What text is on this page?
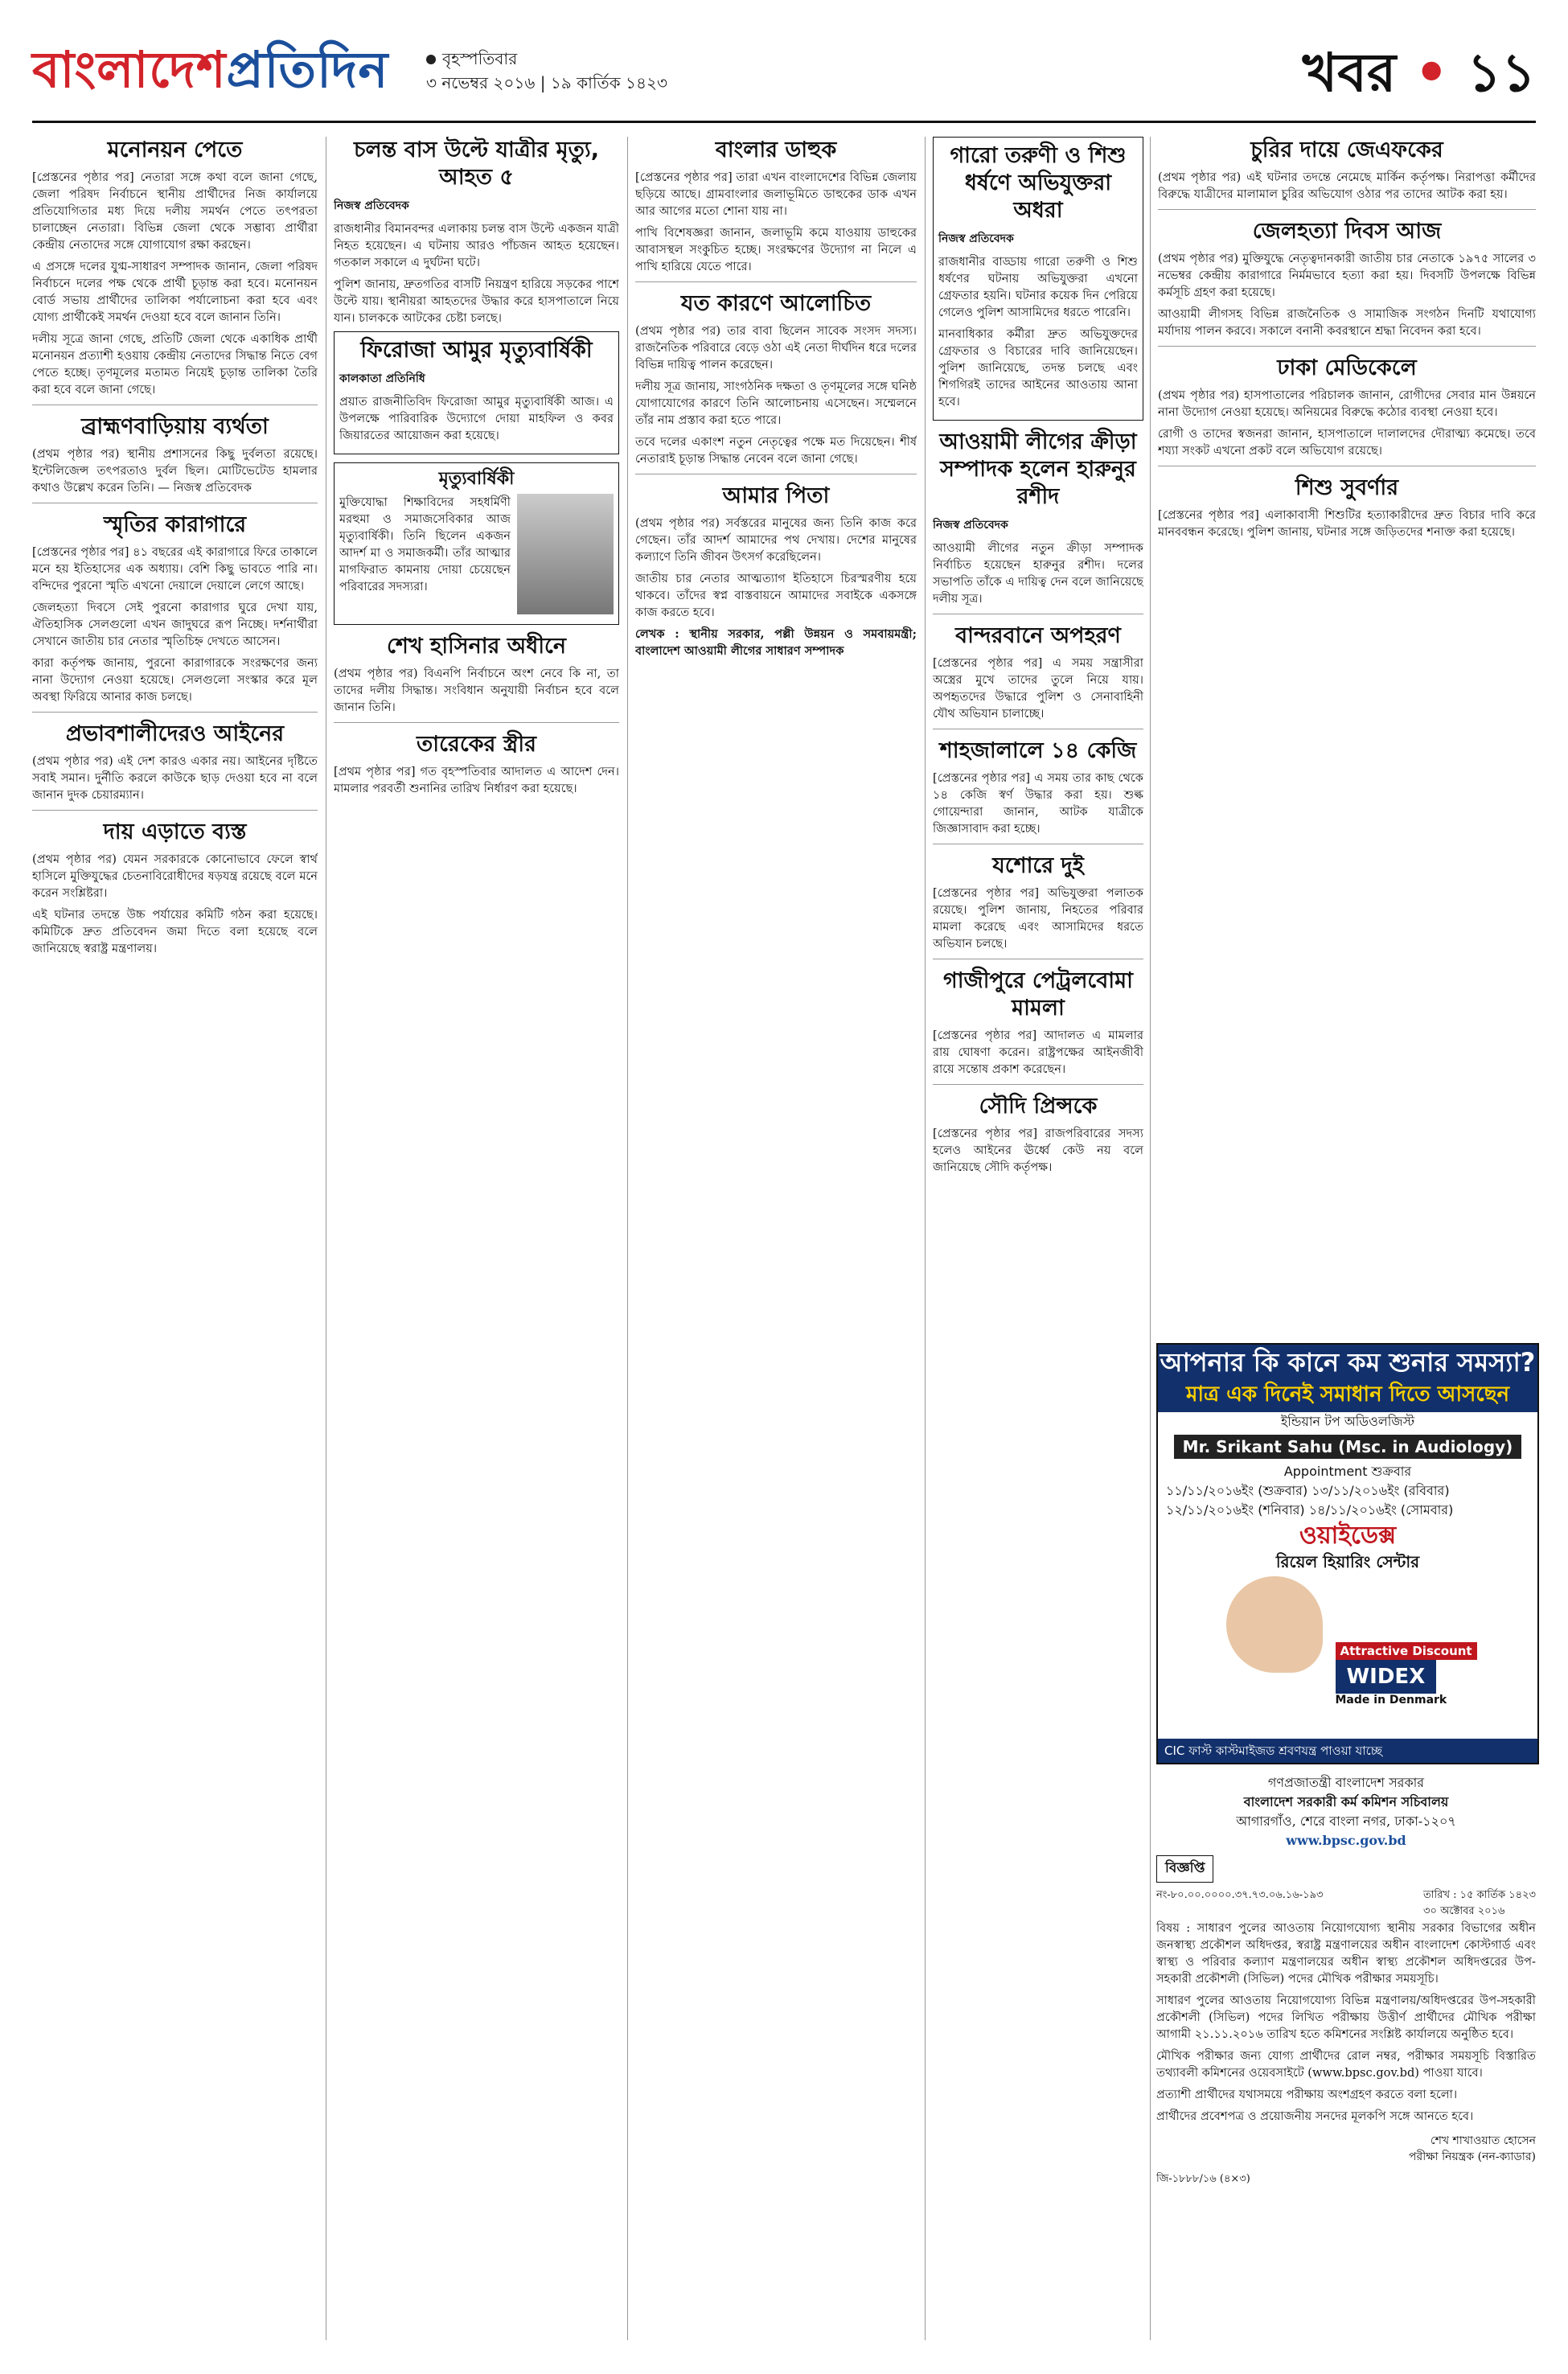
বাংলাদেশপ্রতিদিন	বৃহস্পতিবার
৩ নভেম্বর ২০১৬ | ১৯ কার্তিক ১৪২৩	খবর • ১১
মনোনয়ন পেতে

[প্রেস্তনের পৃষ্ঠার পর] নেতারা সঙ্গে কথা বলে জানা গেছে, জেলা পরিষদ নির্বাচনে স্থানীয় প্রার্থীদের নিজ কার্যালয়ে প্রতিযোগিতার মধ্য দিয়ে দলীয় সমর্থন পেতে তৎপরতা চালাচ্ছেন নেতারা। বিভিন্ন জেলা থেকে সম্ভাব্য প্রার্থীরা কেন্দ্রীয় নেতাদের সঙ্গে যোগাযোগ রক্ষা করছেন।

এ প্রসঙ্গে দলের যুগ্ম-সাধারণ সম্পাদক জানান, জেলা পরিষদ নির্বাচনে দলের পক্ষ থেকে প্রার্থী চূড়ান্ত করা হবে। মনোনয়ন বোর্ড সভায় প্রার্থীদের তালিকা পর্যালোচনা করা হবে এবং যোগ্য প্রার্থীকেই সমর্থন দেওয়া হবে বলে জানান তিনি।

দলীয় সূত্রে জানা গেছে, প্রতিটি জেলা থেকে একাধিক প্রার্থী মনোনয়ন প্রত্যাশী হওয়ায় কেন্দ্রীয় নেতাদের সিদ্ধান্ত নিতে বেগ পেতে হচ্ছে। তৃণমূলের মতামত নিয়েই চূড়ান্ত তালিকা তৈরি করা হবে বলে জানা গেছে।

ব্রাহ্মণবাড়িয়ায় ব্যর্থতা

(প্রথম পৃষ্ঠার পর) স্থানীয় প্রশাসনের কিছু দুর্বলতা রয়েছে। ইন্টেলিজেন্স তৎপরতাও দুর্বল ছিল। মোটিভেটেড হামলার কথাও উল্লেখ করেন তিনি। — নিজস্ব প্রতিবেদক

স্মৃতির কারাগারে

[প্রেস্তনের পৃষ্ঠার পর] ৪১ বছরের এই কারাগারে ফিরে তাকালে মনে হয় ইতিহাসের এক অধ্যায়। বেশি কিছু ভাবতে পারি না। বন্দিদের পুরনো স্মৃতি এখনো দেয়ালে দেয়ালে লেগে আছে।

জেলহত্যা দিবসে সেই পুরনো কারাগার ঘুরে দেখা যায়, ঐতিহাসিক সেলগুলো এখন জাদুঘরে রূপ নিচ্ছে। দর্শনার্থীরা সেখানে জাতীয় চার নেতার স্মৃতিচিহ্ন দেখতে আসেন।

কারা কর্তৃপক্ষ জানায়, পুরনো কারাগারকে সংরক্ষণের জন্য নানা উদ্যোগ নেওয়া হয়েছে। সেলগুলো সংস্কার করে মূল অবস্থা ফিরিয়ে আনার কাজ চলছে।

প্রভাবশালীদেরও আইনের

(প্রথম পৃষ্ঠার পর) এই দেশ কারও একার নয়। আইনের দৃষ্টিতে সবাই সমান। দুর্নীতি করলে কাউকে ছাড় দেওয়া হবে না বলে জানান দুদক চেয়ারম্যান।

দায় এড়াতে ব্যস্ত

(প্রথম পৃষ্ঠার পর) যেমন সরকারকে কোনোভাবে ফেলে স্বার্থ হাসিলে মুক্তিযুদ্ধের চেতনাবিরোধীদের ষড়যন্ত্র রয়েছে বলে মনে করেন সংশ্লিষ্টরা।

এই ঘটনার তদন্তে উচ্চ পর্যায়ের কমিটি গঠন করা হয়েছে। কমিটিকে দ্রুত প্রতিবেদন জমা দিতে বলা হয়েছে বলে জানিয়েছে স্বরাষ্ট্র মন্ত্রণালয়।

চলন্ত বাস উল্টে যাত্রীর মৃত্যু, আহত ৫
নিজস্ব প্রতিবেদক

রাজধানীর বিমানবন্দর এলাকায় চলন্ত বাস উল্টে একজন যাত্রী নিহত হয়েছেন। এ ঘটনায় আরও পাঁচজন আহত হয়েছেন। গতকাল সকালে এ দুর্ঘটনা ঘটে।

পুলিশ জানায়, দ্রুতগতির বাসটি নিয়ন্ত্রণ হারিয়ে সড়কের পাশে উল্টে যায়। স্থানীয়রা আহতদের উদ্ধার করে হাসপাতালে নিয়ে যান। চালককে আটকের চেষ্টা চলছে।

ফিরোজা আমুর মৃত্যুবার্ষিকী
কালকাতা প্রতিনিধি

প্রয়াত রাজনীতিবিদ ফিরোজা আমুর মৃত্যুবার্ষিকী আজ। এ উপলক্ষে পারিবারিক উদ্যোগে দোয়া মাহফিল ও কবর জিয়ারতের আয়োজন করা হয়েছে।

মৃত্যুবার্ষিকী

মুক্তিযোদ্ধা শিক্ষাবিদের সহধর্মিণী মরহুমা ও সমাজসেবিকার আজ মৃত্যুবার্ষিকী। তিনি ছিলেন একজন আদর্শ মা ও সমাজকর্মী। তাঁর আত্মার মাগফিরাত কামনায় দোয়া চেয়েছেন পরিবারের সদস্যরা।

শেখ হাসিনার অধীনে

(প্রথম পৃষ্ঠার পর) বিএনপি নির্বাচনে অংশ নেবে কি না, তা তাদের দলীয় সিদ্ধান্ত। সংবিধান অনুযায়ী নির্বাচন হবে বলে জানান তিনি।

তারেকের স্ত্রীর

[প্রথম পৃষ্ঠার পর] গত বৃহস্পতিবার আদালত এ আদেশ দেন। মামলার পরবর্তী শুনানির তারিখ নির্ধারণ করা হয়েছে।

বাংলার ডাহুক

[প্রেস্তনের পৃষ্ঠার পর] তারা এখন বাংলাদেশের বিভিন্ন জেলায় ছড়িয়ে আছে। গ্রামবাংলার জলাভূমিতে ডাহুকের ডাক এখন আর আগের মতো শোনা যায় না।

পাখি বিশেষজ্ঞরা জানান, জলাভূমি কমে যাওয়ায় ডাহুকের আবাসস্থল সংকুচিত হচ্ছে। সংরক্ষণের উদ্যোগ না নিলে এ পাখি হারিয়ে যেতে পারে।

যত কারণে আলোচিত

(প্রথম পৃষ্ঠার পর) তার বাবা ছিলেন সাবেক সংসদ সদস্য। রাজনৈতিক পরিবারে বেড়ে ওঠা এই নেতা দীর্ঘদিন ধরে দলের বিভিন্ন দায়িত্ব পালন করেছেন।

দলীয় সূত্র জানায়, সাংগঠনিক দক্ষতা ও তৃণমূলের সঙ্গে ঘনিষ্ঠ যোগাযোগের কারণে তিনি আলোচনায় এসেছেন। সম্মেলনে তাঁর নাম প্রস্তাব করা হতে পারে।

তবে দলের একাংশ নতুন নেতৃত্বের পক্ষে মত দিয়েছেন। শীর্ষ নেতারাই চূড়ান্ত সিদ্ধান্ত নেবেন বলে জানা গেছে।

আমার পিতা

(প্রথম পৃষ্ঠার পর) সর্বস্তরের মানুষের জন্য তিনি কাজ করে গেছেন। তাঁর আদর্শ আমাদের পথ দেখায়। দেশের মানুষের কল্যাণে তিনি জীবন উৎসর্গ করেছিলেন।

জাতীয় চার নেতার আত্মত্যাগ ইতিহাসে চিরস্মরণীয় হয়ে থাকবে। তাঁদের স্বপ্ন বাস্তবায়নে আমাদের সবাইকে একসঙ্গে কাজ করতে হবে।

লেখক : স্থানীয় সরকার, পল্লী উন্নয়ন ও সমবায়মন্ত্রী; বাংলাদেশ আওয়ামী লীগের সাধারণ সম্পাদক

গারো তরুণী ও শিশু ধর্ষণে অভিযুক্তরা অধরা
নিজস্ব প্রতিবেদক

রাজধানীর বাড্ডায় গারো তরুণী ও শিশু ধর্ষণের ঘটনায় অভিযুক্তরা এখনো গ্রেফতার হয়নি। ঘটনার কয়েক দিন পেরিয়ে গেলেও পুলিশ আসামিদের ধরতে পারেনি।

মানবাধিকার কর্মীরা দ্রুত অভিযুক্তদের গ্রেফতার ও বিচারের দাবি জানিয়েছেন। পুলিশ জানিয়েছে, তদন্ত চলছে এবং শিগগিরই তাদের আইনের আওতায় আনা হবে।

আওয়ামী লীগের ক্রীড়া সম্পাদক হলেন হারুনুর রশীদ
নিজস্ব প্রতিবেদক

আওয়ামী লীগের নতুন ক্রীড়া সম্পাদক নির্বাচিত হয়েছেন হারুনুর রশীদ। দলের সভাপতি তাঁকে এ দায়িত্ব দেন বলে জানিয়েছে দলীয় সূত্র।

বান্দরবানে অপহরণ

[প্রেস্তনের পৃষ্ঠার পর] এ সময় সন্ত্রাসীরা অস্ত্রের মুখে তাদের তুলে নিয়ে যায়। অপহৃতদের উদ্ধারে পুলিশ ও সেনাবাহিনী যৌথ অভিযান চালাচ্ছে।

শাহজালালে ১৪ কেজি

[প্রেস্তনের পৃষ্ঠার পর] এ সময় তার কাছ থেকে ১৪ কেজি স্বর্ণ উদ্ধার করা হয়। শুল্ক গোয়েন্দারা জানান, আটক যাত্রীকে জিজ্ঞাসাবাদ করা হচ্ছে।

যশোরে দুই

[প্রেস্তনের পৃষ্ঠার পর] অভিযুক্তরা পলাতক রয়েছে। পুলিশ জানায়, নিহতের পরিবার মামলা করেছে এবং আসামিদের ধরতে অভিযান চলছে।

গাজীপুরে পেট্রলবোমা মামলা

[প্রেস্তনের পৃষ্ঠার পর] আদালত এ মামলার রায় ঘোষণা করেন। রাষ্ট্রপক্ষের আইনজীবী রায়ে সন্তোষ প্রকাশ করেছেন।

সৌদি প্রিন্সকে

[প্রেস্তনের পৃষ্ঠার পর] রাজপরিবারের সদস্য হলেও আইনের ঊর্ধ্বে কেউ নয় বলে জানিয়েছে সৌদি কর্তৃপক্ষ।

চুরির দায়ে জেএফকের

(প্রথম পৃষ্ঠার পর) এই ঘটনার তদন্তে নেমেছে মার্কিন কর্তৃপক্ষ। নিরাপত্তা কর্মীদের বিরুদ্ধে যাত্রীদের মালামাল চুরির অভিযোগ ওঠার পর তাদের আটক করা হয়।

জেলহত্যা দিবস আজ

(প্রথম পৃষ্ঠার পর) মুক্তিযুদ্ধে নেতৃত্বদানকারী জাতীয় চার নেতাকে ১৯৭৫ সালের ৩ নভেম্বর কেন্দ্রীয় কারাগারে নির্মমভাবে হত্যা করা হয়। দিবসটি উপলক্ষে বিভিন্ন কর্মসূচি গ্রহণ করা হয়েছে।

আওয়ামী লীগসহ বিভিন্ন রাজনৈতিক ও সামাজিক সংগঠন দিনটি যথাযোগ্য মর্যাদায় পালন করবে। সকালে বনানী কবরস্থানে শ্রদ্ধা নিবেদন করা হবে।

ঢাকা মেডিকেলে

(প্রথম পৃষ্ঠার পর) হাসপাতালের পরিচালক জানান, রোগীদের সেবার মান উন্নয়নে নানা উদ্যোগ নেওয়া হয়েছে। অনিয়মের বিরুদ্ধে কঠোর ব্যবস্থা নেওয়া হবে।

রোগী ও তাদের স্বজনরা জানান, হাসপাতালে দালালদের দৌরাত্ম্য কমেছে। তবে শয্যা সংকট এখনো প্রকট বলে অভিযোগ রয়েছে।

শিশু সুবর্ণার

[প্রেস্তনের পৃষ্ঠার পর] এলাকাবাসী শিশুটির হত্যাকারীদের দ্রুত বিচার দাবি করে মানববন্ধন করেছে। পুলিশ জানায়, ঘটনার সঙ্গে জড়িতদের শনাক্ত করা হয়েছে।

আপনার কি কানে কম শুনার সমস্যা?
মাত্র এক দিনেই সমাধান দিতে আসছেন
ইন্ডিয়ান টপ অডিওলজিস্ট
Mr. Srikant Sahu (Msc. in Audiology)
Appointment শুক্রবার
১১/১১/২০১৬ইং (শুক্রবার) ১৩/১১/২০১৬ইং (রবিবার)
১২/১১/২০১৬ইং (শনিবার) ১৪/১১/২০১৬ইং (সোমবার)
ওয়াইডেক্স
রিয়েল হিয়ারিং সেন্টার

Attractive Discount
WIDEX
Made in Denmark
CIC ফাস্ট কাস্টমাইজড শ্রবণযন্ত্র পাওয়া যাচ্ছে
গণপ্রজাতন্ত্রী বাংলাদেশ সরকার
বাংলাদেশ সরকারী কর্ম কমিশন সচিবালয়
আগারগাঁও, শেরে বাংলা নগর, ঢাকা-১২০৭
www.bpsc.gov.bd
বিজ্ঞপ্তি
নং-৮০.০০.০০০০.৩৭.৭৩.০৬.১৬-১৯৩	তারিখ : ১৫ কার্তিক ১৪২৩
৩০ অক্টোবর ২০১৬

বিষয় : সাধারণ পুলের আওতায় নিয়োগযোগ্য স্থানীয় সরকার বিভাগের অধীন জনস্বাস্থ্য প্রকৌশল অধিদপ্তর, স্বরাষ্ট্র মন্ত্রণালয়ের অধীন বাংলাদেশ কোস্টগার্ড এবং স্বাস্থ্য ও পরিবার কল্যাণ মন্ত্রণালয়ের অধীন স্বাস্থ্য প্রকৌশল অধিদপ্তরের উপ-সহকারী প্রকৌশলী (সিভিল) পদের মৌখিক পরীক্ষার সময়সূচি।

সাধারণ পুলের আওতায় নিয়োগযোগ্য বিভিন্ন মন্ত্রণালয়/অধিদপ্তরের উপ-সহকারী প্রকৌশলী (সিভিল) পদের লিখিত পরীক্ষায় উত্তীর্ণ প্রার্থীদের মৌখিক পরীক্ষা আগামী ২১.১১.২০১৬ তারিখ হতে কমিশনের সংশ্লিষ্ট কার্যালয়ে অনুষ্ঠিত হবে।

মৌখিক পরীক্ষার জন্য যোগ্য প্রার্থীদের রোল নম্বর, পরীক্ষার সময়সূচি বিস্তারিত তথ্যাবলী কমিশনের ওয়েবসাইটে (www.bpsc.gov.bd) পাওয়া যাবে।

প্রত্যাশী প্রার্থীদের যথাসময়ে পরীক্ষায় অংশগ্রহণ করতে বলা হলো।

প্রার্থীদের প্রবেশপত্র ও প্রয়োজনীয় সনদের মূলকপি সঙ্গে আনতে হবে।

শেখ শাখাওয়াত হোসেন
পরীক্ষা নিয়ন্ত্রক (নন-ক্যাডার)
জি-১৮৮৮/১৬ (৪×৩)
